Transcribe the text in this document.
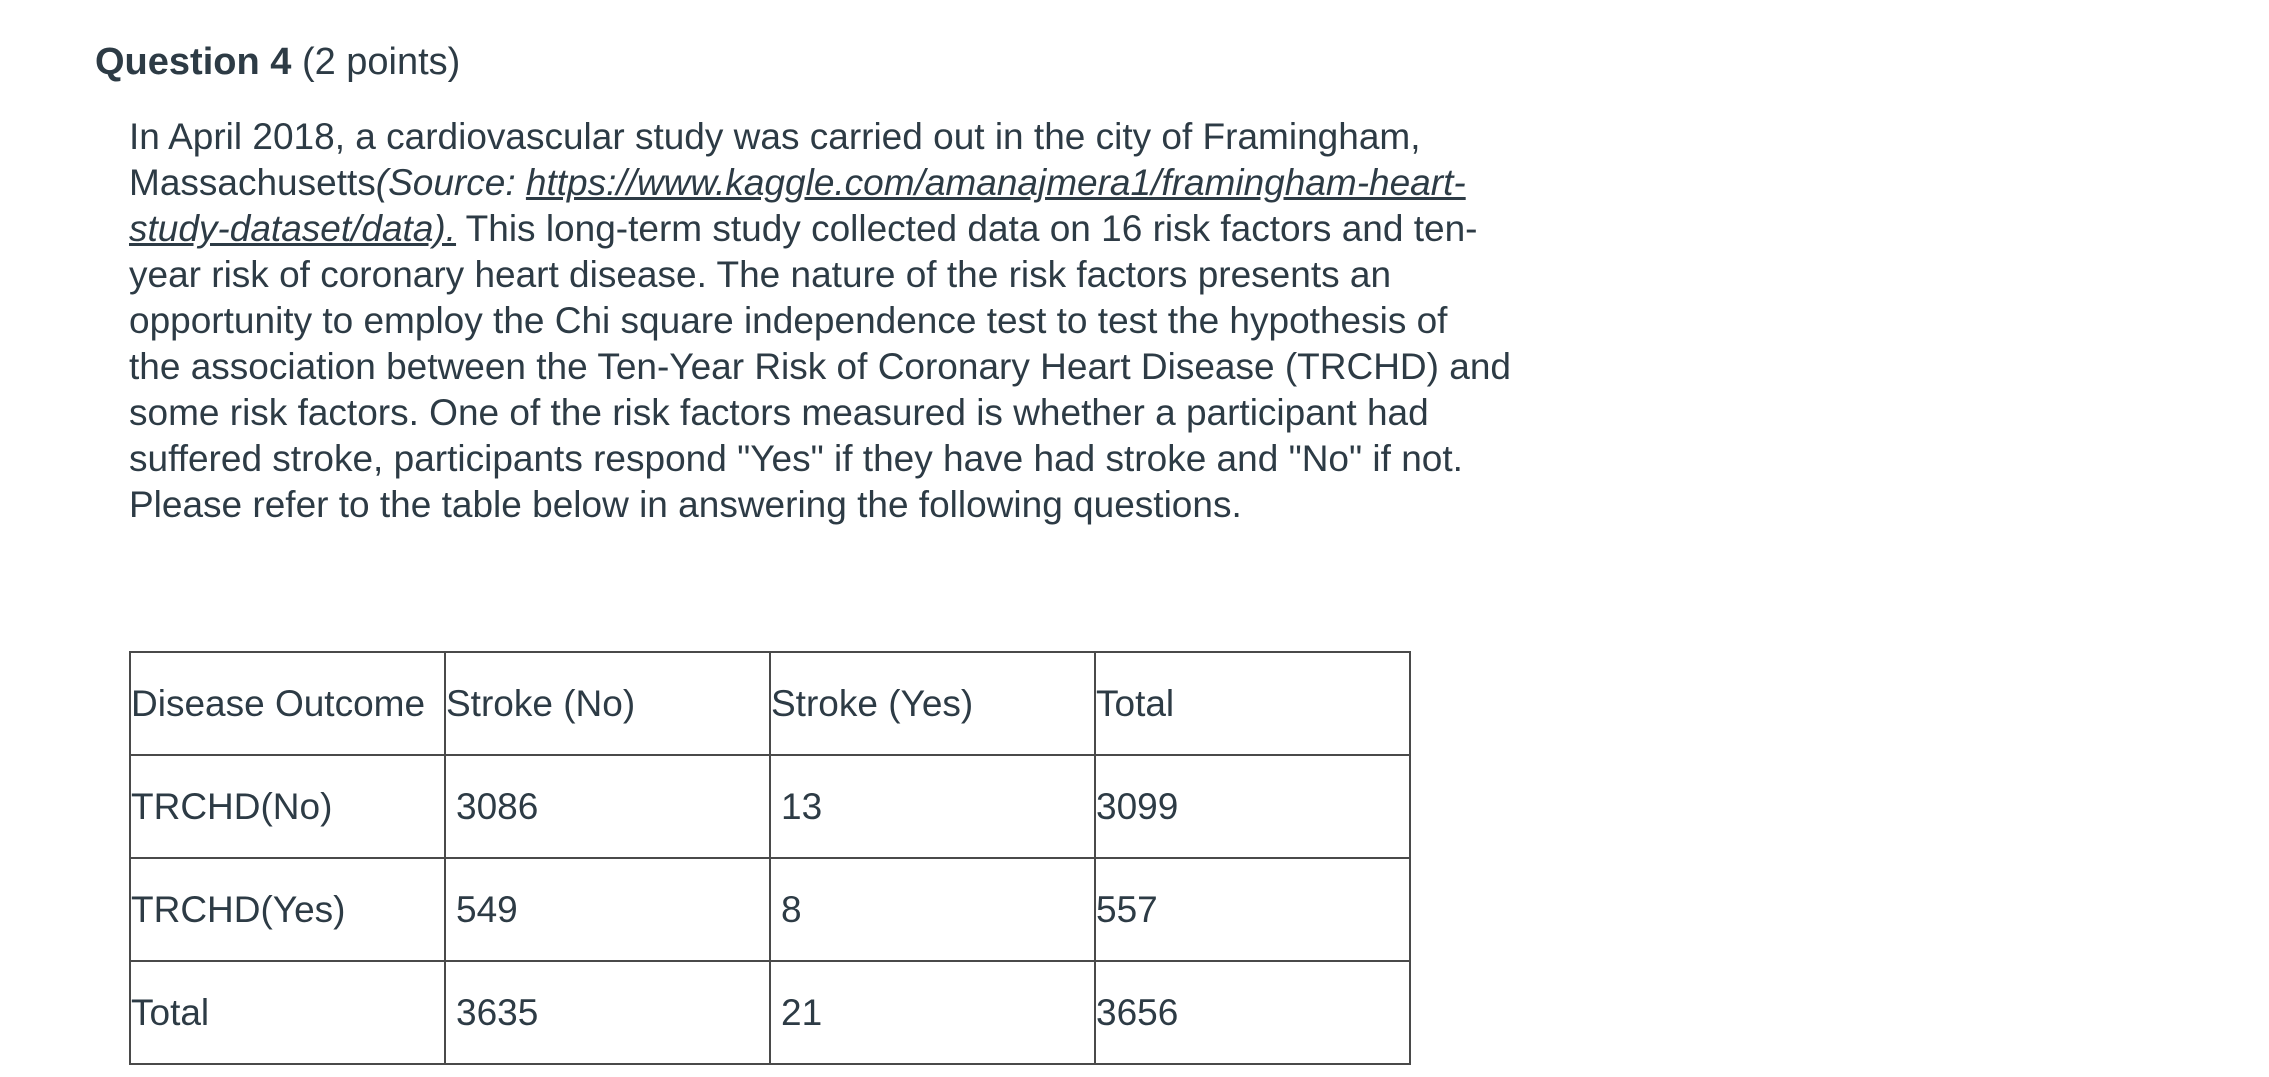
Question 4 (2 points)
In April 2018, a cardiovascular study was carried out in the city of Framingham,
Massachusetts(Source: https://www.kaggle.com/amanajmera1/framingham-heart-
study-dataset/data). This long-term study collected data on 16 risk factors and ten-
year risk of coronary heart disease. The nature of the risk factors presents an
opportunity to employ the Chi square independence test to test the hypothesis of
the association between the Ten-Year Risk of Coronary Heart Disease (TRCHD) and
some risk factors. One of the risk factors measured is whether a participant had
suffered stroke, participants respond "Yes" if they have had stroke and "No" if not.
Please refer to the table below in answering the following questions.
Disease Outcome	Stroke (No)	Stroke (Yes)	Total
TRCHD(No)	3086	13	3099
TRCHD(Yes)	549	8	557
Total	3635	21	3656
